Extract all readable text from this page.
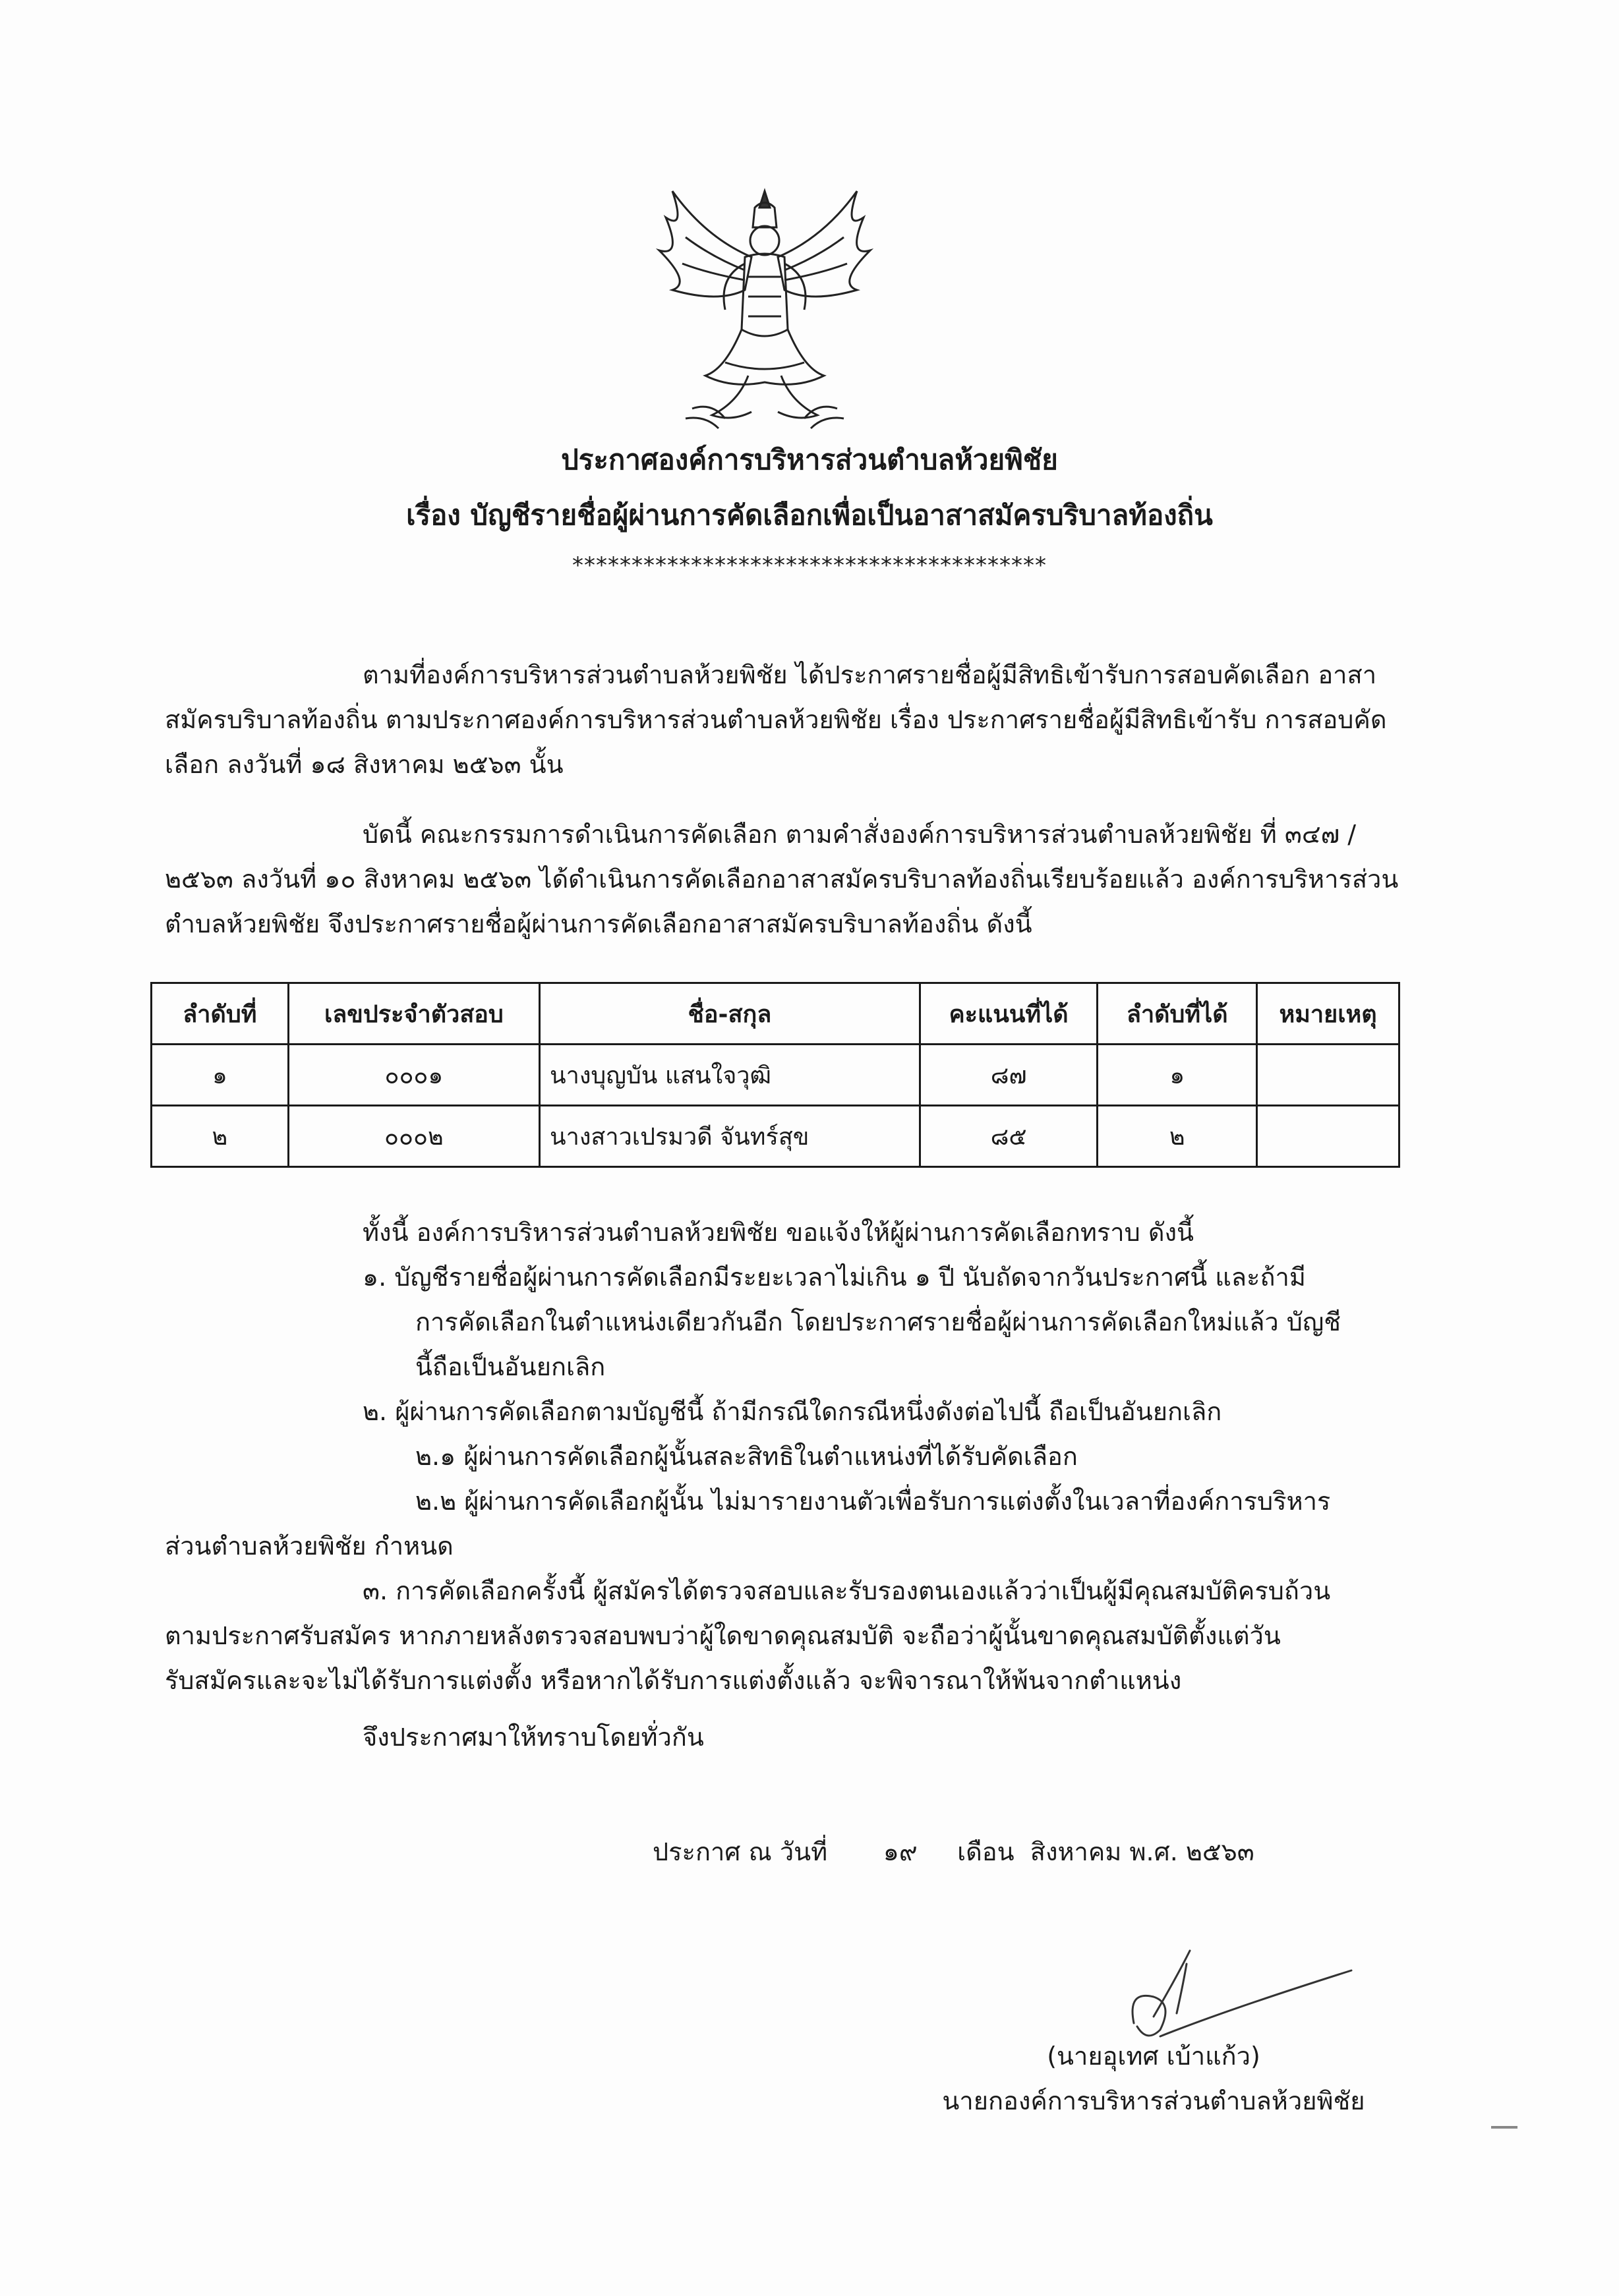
ประกาศองค์การบริหารส่วนตำบลห้วยพิชัย
เรื่อง บัญชีรายชื่อผู้ผ่านการคัดเลือกเพื่อเป็นอาสาสมัครบริบาลท้องถิ่น
****************************************
ตามที่องค์การบริหารส่วนตำบลห้วยพิชัย ได้ประกาศรายชื่อผู้มีสิทธิเข้ารับการสอบคัดเลือก อาสาสมัครบริบาลท้องถิ่น ตามประกาศองค์การบริหารส่วนตำบลห้วยพิชัย เรื่อง ประกาศรายชื่อผู้มีสิทธิเข้ารับ การสอบคัดเลือก ลงวันที่ ๑๘ สิงหาคม ๒๕๖๓ นั้น
บัดนี้ คณะกรรมการดำเนินการคัดเลือก ตามคำสั่งองค์การบริหารส่วนตำบลห้วยพิชัย ที่ ๓๔๗ / ๒๕๖๓ ลงวันที่ ๑๐ สิงหาคม ๒๕๖๓ ได้ดำเนินการคัดเลือกอาสาสมัครบริบาลท้องถิ่นเรียบร้อยแล้ว องค์การบริหารส่วนตำบลห้วยพิชัย จึงประกาศรายชื่อผู้ผ่านการคัดเลือกอาสาสมัครบริบาลท้องถิ่น ดังนี้
ลำดับที่	เลขประจำตัวสอบ	ชื่อ-สกุล	คะแนนที่ได้	ลำดับที่ได้	หมายเหตุ
๑	๐๐๐๑	นางบุญบัน แสนใจวุฒิ	๘๗	๑	
๒	๐๐๐๒	นางสาวเปรมวดี จันทร์สุข	๘๕	๒	

ทั้งนี้ องค์การบริหารส่วนตำบลห้วยพิชัย ขอแจ้งให้ผู้ผ่านการคัดเลือกทราบ ดังนี้

๑. บัญชีรายชื่อผู้ผ่านการคัดเลือกมีระยะเวลาไม่เกิน ๑ ปี นับถัดจากวันประกาศนี้ และถ้ามี

การคัดเลือกในตำแหน่งเดียวกันอีก โดยประกาศรายชื่อผู้ผ่านการคัดเลือกใหม่แล้ว บัญชี

นี้ถือเป็นอันยกเลิก

๒. ผู้ผ่านการคัดเลือกตามบัญชีนี้ ถ้ามีกรณีใดกรณีหนึ่งดังต่อไปนี้ ถือเป็นอันยกเลิก

๒.๑ ผู้ผ่านการคัดเลือกผู้นั้นสละสิทธิในตำแหน่งที่ได้รับคัดเลือก

๒.๒ ผู้ผ่านการคัดเลือกผู้นั้น ไม่มารายงานตัวเพื่อรับการแต่งตั้งในเวลาที่องค์การบริหาร

ส่วนตำบลห้วยพิชัย กำหนด

๓. การคัดเลือกครั้งนี้ ผู้สมัครได้ตรวจสอบและรับรองตนเองแล้วว่าเป็นผู้มีคุณสมบัติครบถ้วน

ตามประกาศรับสมัคร หากภายหลังตรวจสอบพบว่าผู้ใดขาดคุณสมบัติ จะถือว่าผู้นั้นขาดคุณสมบัติตั้งแต่วัน

รับสมัครและจะไม่ได้รับการแต่งตั้ง หรือหากได้รับการแต่งตั้งแล้ว จะพิจารณาให้พ้นจากตำแหน่ง

จึงประกาศมาให้ทราบโดยทั่วกัน

ประกาศ ณ วันที่ ๑๙ เดือน สิงหาคม พ.ศ. ๒๕๖๓
(นายอุเทศ เบ้าแก้ว)
นายกองค์การบริหารส่วนตำบลห้วยพิชัย
